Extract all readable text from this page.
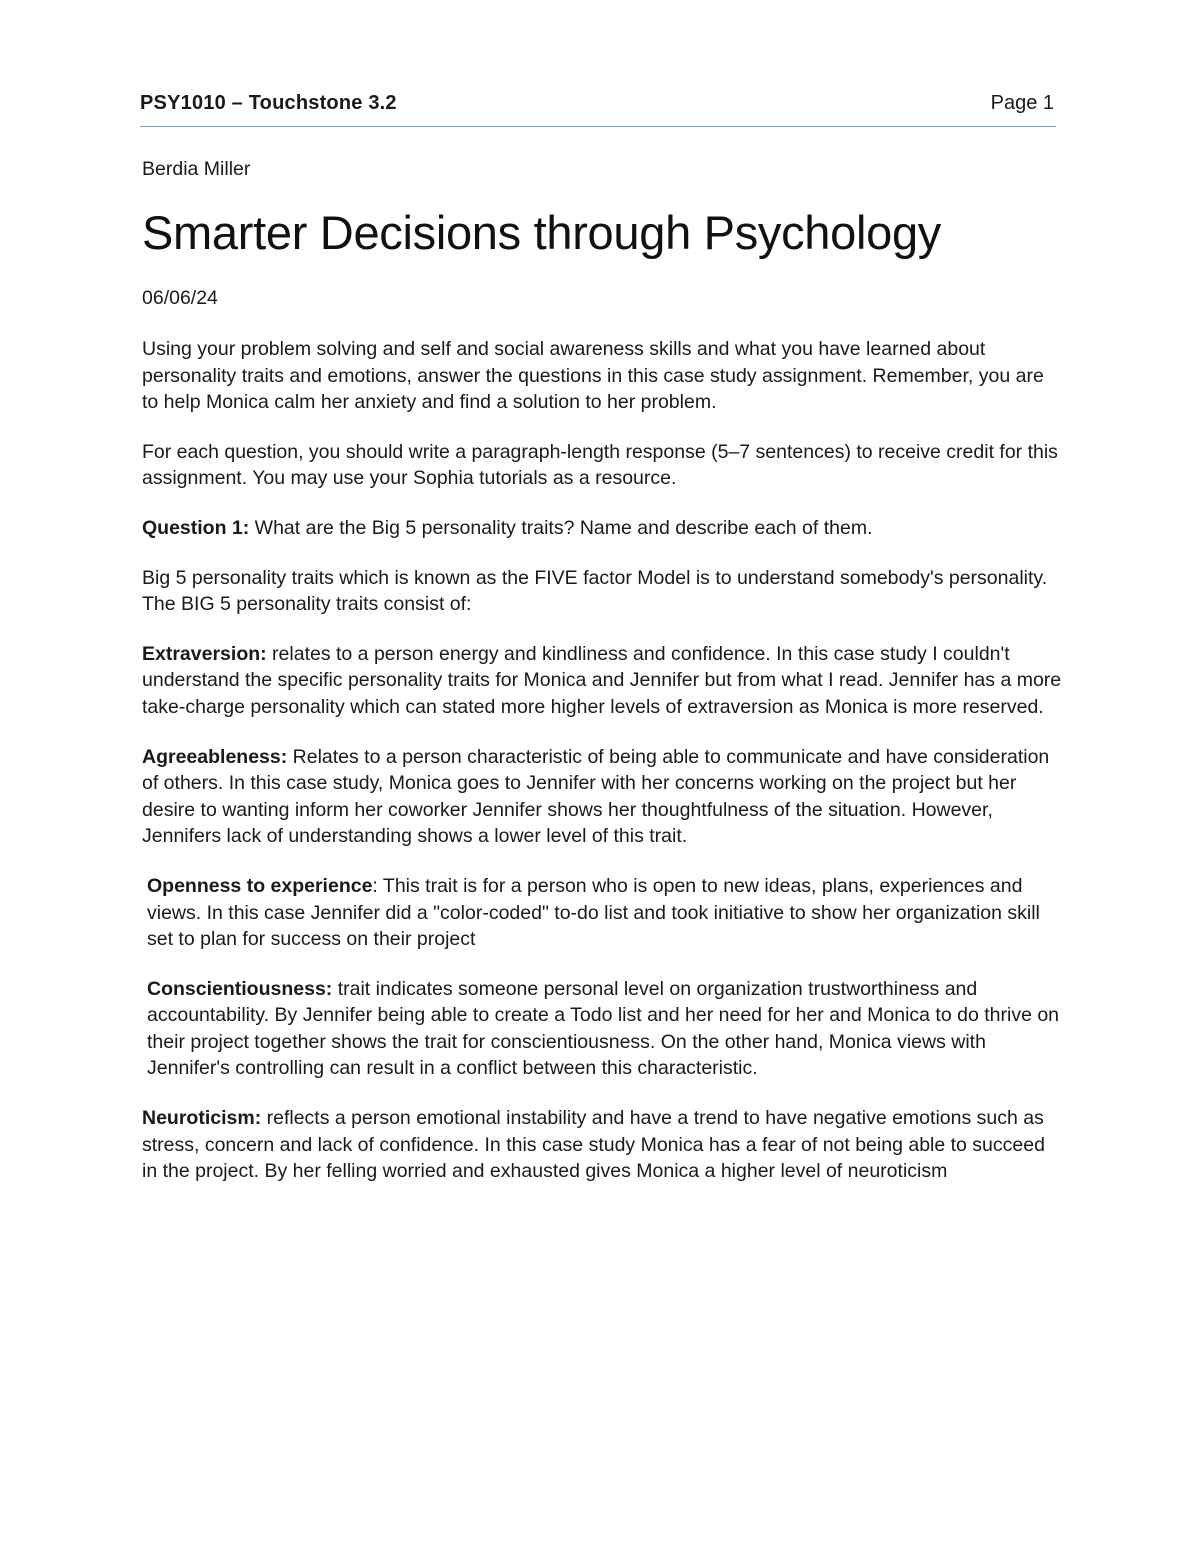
PSY1010 – Touchstone 3.2	Page 1

Berdia Miller

Smarter Decisions through Psychology

06/06/24

Using your problem solving and self and social awareness skills and what you have learned about personality traits and emotions, answer the questions in this case study assignment. Remember, you are to help Monica calm her anxiety and find a solution to her problem.

For each question, you should write a paragraph-length response (5–7 sentences) to receive credit for this assignment. You may use your Sophia tutorials as a resource.

Question 1: What are the Big 5 personality traits? Name and describe each of them.

Big 5 personality traits which is known as the FIVE factor Model is to understand somebody's personality. The BIG 5 personality traits consist of:

Extraversion: relates to a person energy and kindliness and confidence. In this case study I couldn't understand the specific personality traits for Monica and Jennifer but from what I read. Jennifer has a more take-charge personality which can stated more higher levels of extraversion as Monica is more reserved.

Agreeableness: Relates to a person characteristic of being able to communicate and have consideration of others. In this case study, Monica goes to Jennifer with her concerns working on the project but her desire to wanting inform her coworker Jennifer shows her thoughtfulness of the situation. However, Jennifers lack of understanding shows a lower level of this trait.

Openness to experience: This trait is for a person who is open to new ideas, plans, experiences and views. In this case Jennifer did a "color-coded" to-do list and took initiative to show her organization skill set to plan for success on their project

Conscientiousness: trait indicates someone personal level on organization trustworthiness and accountability. By Jennifer being able to create a Todo list and her need for her and Monica to do thrive on their project together shows the trait for conscientiousness. On the other hand, Monica views with Jennifer's controlling can result in a conflict between this characteristic.

Neuroticism: reflects a person emotional instability and have a trend to have negative emotions such as stress, concern and lack of confidence. In this case study Monica has a fear of not being able to succeed in the project. By her felling worried and exhausted gives Monica a higher level of neuroticism
